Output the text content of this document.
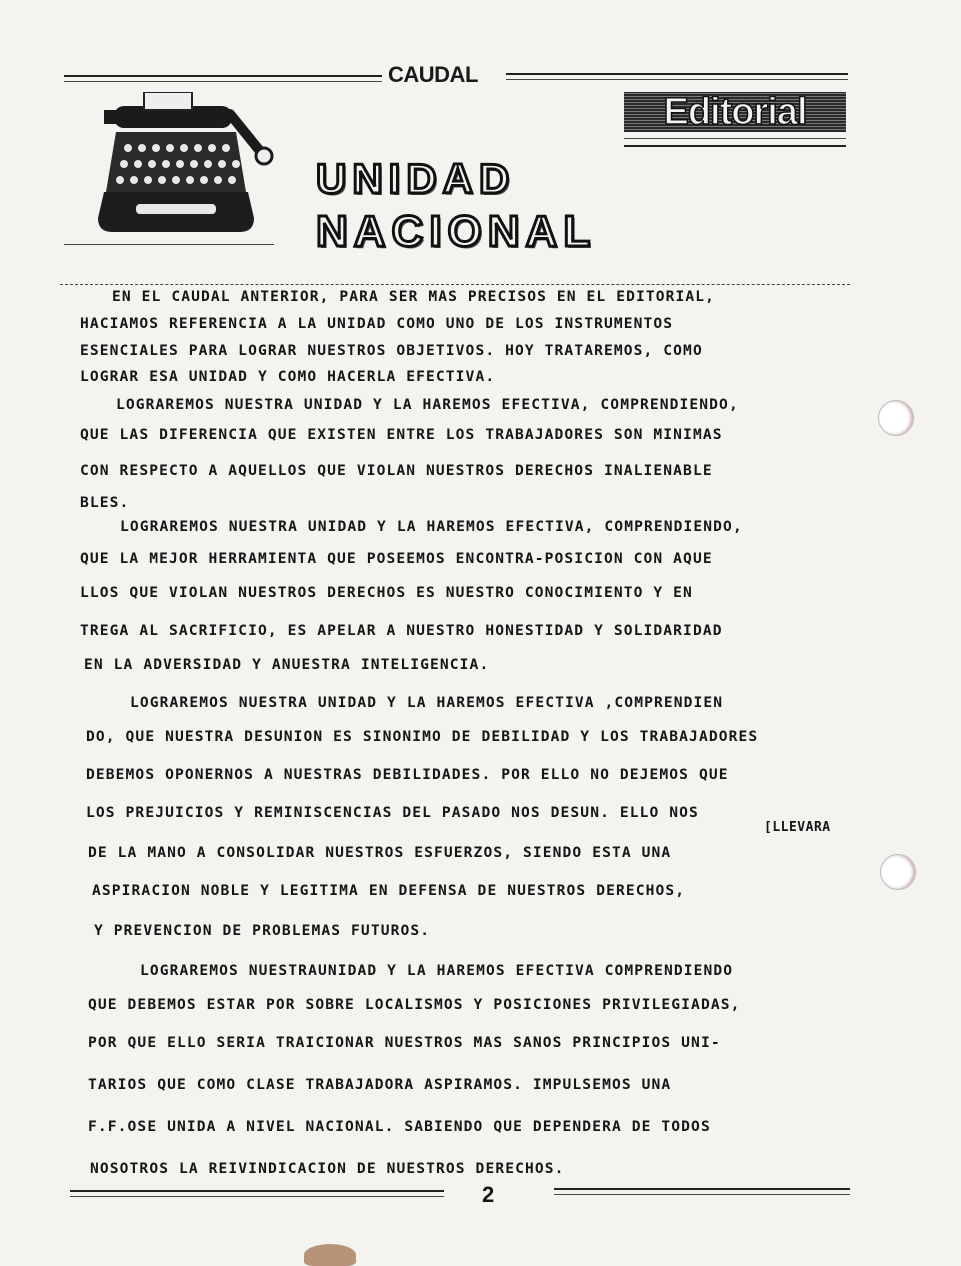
CAUDAL
Editorial
UNIDAD
NACIONAL

EN EL CAUDAL ANTERIOR, PARA SER MAS PRECISOS EN EL EDITORIAL,

HACIAMOS REFERENCIA A LA UNIDAD COMO UNO DE LOS INSTRUMENTOS

ESENCIALES PARA LOGRAR NUESTROS OBJETIVOS. HOY TRATAREMOS, COMO

LOGRAR ESA UNIDAD Y COMO HACERLA EFECTIVA.

LOGRAREMOS NUESTRA UNIDAD Y LA HAREMOS EFECTIVA, COMPRENDIENDO,

QUE LAS DIFERENCIA QUE EXISTEN ENTRE LOS TRABAJADORES SON MINIMAS

CON RESPECTO A AQUELLOS QUE VIOLAN NUESTROS DERECHOS INALIENABLE

BLES.

LOGRAREMOS NUESTRA UNIDAD Y LA HAREMOS EFECTIVA, COMPRENDIENDO,

QUE LA MEJOR HERRAMIENTA QUE POSEEMOS ENCONTRA-POSICION CON AQUE

LLOS QUE VIOLAN NUESTROS DERECHOS ES NUESTRO CONOCIMIENTO Y EN

TREGA AL SACRIFICIO, ES APELAR A NUESTRO HONESTIDAD Y SOLIDARIDAD

EN LA ADVERSIDAD Y ANUESTRA INTELIGENCIA.

LOGRAREMOS NUESTRA UNIDAD Y LA HAREMOS EFECTIVA ,COMPRENDIEN

DO, QUE NUESTRA DESUNION ES SINONIMO DE DEBILIDAD Y LOS TRABAJADORES

DEBEMOS OPONERNOS A NUESTRAS DEBILIDADES. POR ELLO NO DEJEMOS QUE

LOS PREJUICIOS Y REMINISCENCIAS DEL PASADO NOS DESUN. ELLO NOS

DE LA MANO A CONSOLIDAR NUESTROS ESFUERZOS, SIENDO ESTA UNA

ASPIRACION NOBLE Y LEGITIMA EN DEFENSA DE NUESTROS DERECHOS,

Y PREVENCION DE PROBLEMAS FUTUROS.

[LLEVARA

LOGRAREMOS NUESTRAUNIDAD Y LA HAREMOS EFECTIVA COMPRENDIENDO

QUE DEBEMOS ESTAR POR SOBRE LOCALISMOS Y POSICIONES PRIVILEGIADAS,

POR QUE ELLO SERIA TRAICIONAR NUESTROS MAS SANOS PRINCIPIOS UNI-

TARIOS QUE COMO CLASE TRABAJADORA ASPIRAMOS. IMPULSEMOS UNA

F.F.OSE UNIDA A NIVEL NACIONAL. SABIENDO QUE DEPENDERA DE TODOS

NOSOTROS LA REIVINDICACION DE NUESTROS DERECHOS.

2
